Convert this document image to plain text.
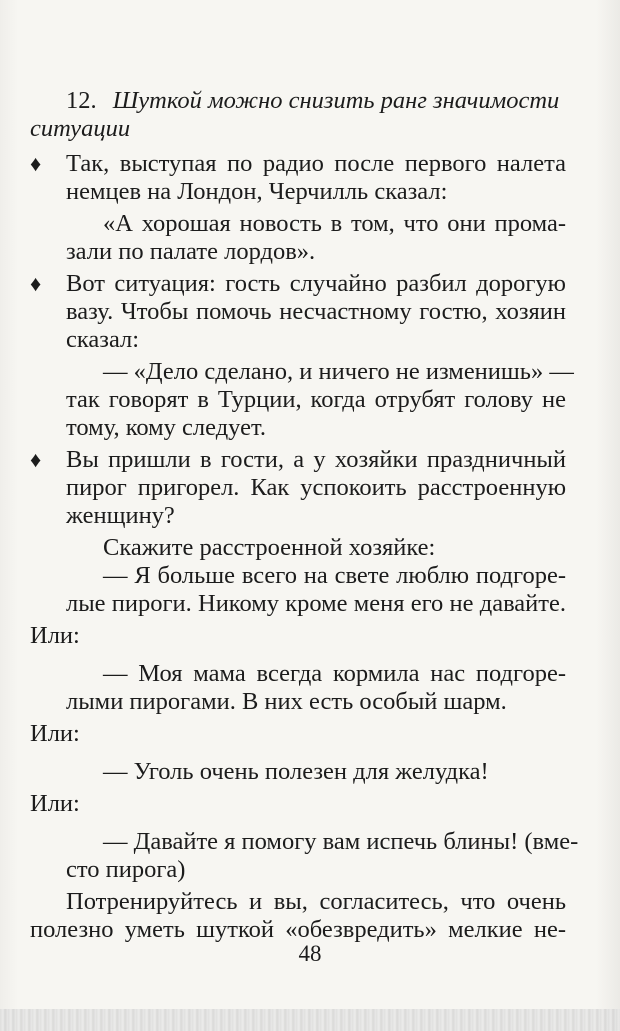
12. Шуткой можно снизить ранг значимости
ситуации
♦ Так, выступая по радио после первого налета
немцев на Лондон, Черчилль сказал:
«А хорошая новость в том, что они прома-
зали по палате лордов».
♦ Вот ситуация: гость случайно разбил дорогую
вазу. Чтобы помочь несчастному гостю, хозяин
сказал:
— «Дело сделано, и ничего не изменишь» —
так говорят в Турции, когда отрубят голову не
тому, кому следует.
♦ Вы пришли в гости, а у хозяйки праздничный
пирог пригорел. Как успокоить расстроенную
женщину?
Скажите расстроенной хозяйке:
— Я больше всего на свете люблю подгоре-
лые пироги. Никому кроме меня его не давайте.
Или:
— Моя мама всегда кормила нас подгоре-
лыми пирогами. В них есть особый шарм.
Или:
— Уголь очень полезен для желудка!
Или:
— Давайте я помогу вам испечь блины! (вме-
сто пирога)
Потренируйтесь и вы, согласитесь, что очень
полезно уметь шуткой «обезвредить» мелкие не-
48
